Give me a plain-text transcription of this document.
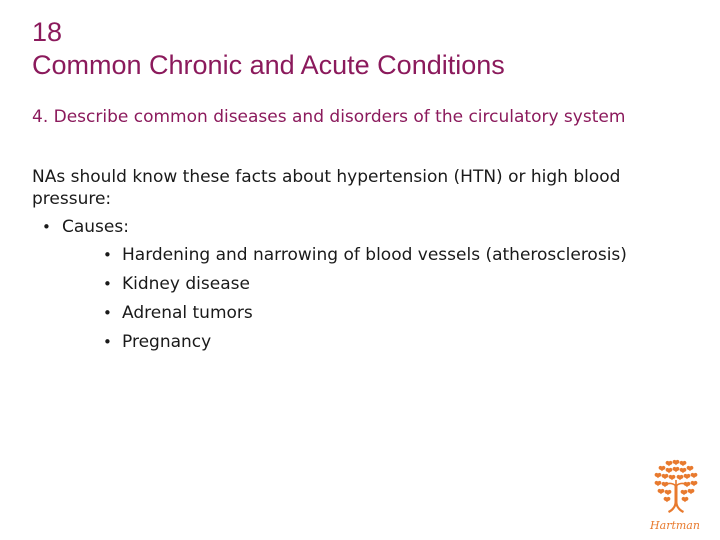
18
Common Chronic and Acute Conditions
4. Describe common diseases and disorders of the circulatory system
NAs should know these facts about hypertension (HTN) or high blood pressure:
• Causes:
• Hardening and narrowing of blood vessels (atherosclerosis)
• Kidney disease
• Adrenal tumors
• Pregnancy
Hartman
